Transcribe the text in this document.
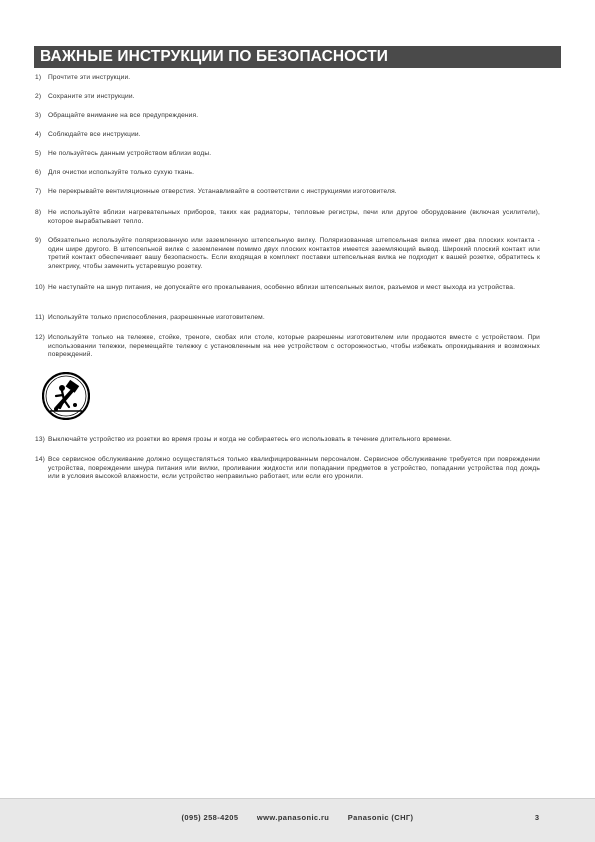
ВАЖНЫЕ ИНСТРУКЦИИ ПО БЕЗОПАСНОСТИ
1)	Прочтите эти инструкции.
2)	Сохраните эти инструкции.
3)	Обращайте внимание на все предупреждения.
4)	Соблюдайте все инструкции.
5)	Не пользуйтесь данным устройством вблизи воды.
6)	Для очистки используйте только сухую ткань.
7)	Не перекрывайте вентиляционные отверстия. Устанавливайте в соответствии с инструкциями изготовителя.
8)	Не используйте вблизи нагревательных приборов, таких как радиаторы, тепловые регистры, печи или другое оборудование (включая усилители), которое вырабатывает тепло.
9)	Обязательно используйте поляризованную или заземленную штепсельную вилку. Поляризованная штепсельная вилка имеет два плоских контакта - один шире другого. В штепсельной вилке с заземлением помимо двух плоских контактов имеется заземляющий вывод. Широкий плоский контакт или третий контакт обеспечивает вашу безопасность. Если входящая в комплект поставки штепсельная вилка не подходит к вашей розетке, обратитесь к электрику, чтобы заменить устаревшую розетку.
10) Не наступайте на шнур питания, не допускайте его прокалывания, особенно вблизи штепсельных вилок, разъемов и мест выхода из устройства.
11) Используйте только приспособления, разрешенные изготовителем.
12) Используйте только на тележке, стойке, треноге, скобах или столе, которые разрешены изготовителем или продаются вместе с устройством. При использовании тележки, перемещайте тележку с установленным на нее устройством с осторожностью, чтобы избежать опрокидывания и возможных повреждений.
13) Выключайте устройство из розетки во время грозы и когда не собираетесь его использовать в течение длительного времени.
14) Все сервисное обслуживание должно осуществляться только квалифицированным персоналом. Сервисное обслуживание требуется при повреждении устройства, повреждении шнура питания или вилки, проливании жидкости или попадании предметов в устройство, попадании устройства под дождь или в условия высокой влажности, если устройство неправильно работает, или если его уронили.
(095) 258-4205 www.panasonic.ru Panasonic (СНГ)	3
